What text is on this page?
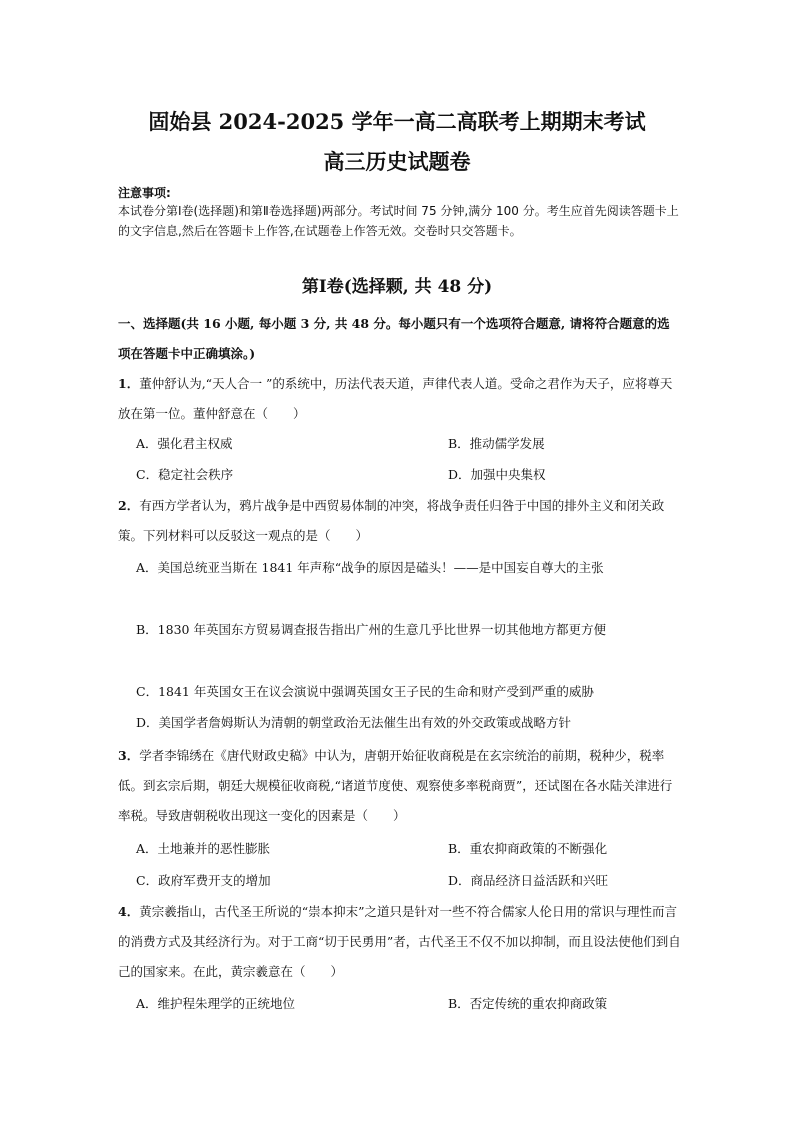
固始县 2024-2025 学年一高二高联考上期期末考试
高三历史试题卷
注意事项:
本试卷分第Ⅰ卷(选择题)和第Ⅱ卷选择题)两部分。考试时间 75 分钟,满分 100 分。考生应首先阅读答题卡上的文字信息,然后在答题卡上作答,在试题卷上作答无效。交卷时只交答题卡。
第Ⅰ卷(选择颗, 共 48 分)
一、选择题(共 16 小题, 每小题 3 分, 共 48 分。每小题只有一个选项符合题意, 请将符合题意的选项在答题卡中正确填涂。)
1．董仲舒认为,“天人合一 ”的系统中，历法代表天道，声律代表人道。受命之君作为天子，应将尊天放在第一位。董仲舒意在（　　）
A．强化君主权威	B．推动儒学发展
C．稳定社会秩序	D．加强中央集权
2．有西方学者认为，鸦片战争是中西贸易体制的冲突，将战争责任归咎于中国的排外主义和闭关政策。下列材料可以反驳这一观点的是（　　）
A．美国总统亚当斯在 1841 年声称“战争的原因是磕头！——是中国妄自尊大的主张
B．1830 年英国东方贸易调查报告指出广州的生意几乎比世界一切其他地方都更方便
C．1841 年英国女王在议会演说中强调英国女王子民的生命和财产受到严重的威胁
D．美国学者詹姆斯认为清朝的朝堂政治无法催生出有效的外交政策或战略方针
3．学者李锦绣在《唐代财政史稿》中认为，唐朝开始征收商税是在玄宗统治的前期，税种少，税率低。到玄宗后期，朝廷大规模征收商税,“诸道节度使、观察使多率税商贾”，还试图在各水陆关津进行率税。导致唐朝税收出现这一变化的因素是（　　）
A．土地兼并的恶性膨胀	B．重农抑商政策的不断强化
C．政府军费开支的增加	D．商品经济日益活跃和兴旺
4．黄宗羲指山，古代圣王所说的“崇本抑末”之道只是针对一些不符合儒家人伦日用的常识与理性而言的消费方式及其经济行为。对于工商“切于民勇用”者，古代圣王不仅不加以抑制，而且设法使他们到自己的国家来。在此，黄宗羲意在（　　）
A．维护程朱理学的正统地位	B．否定传统的重农抑商政策
